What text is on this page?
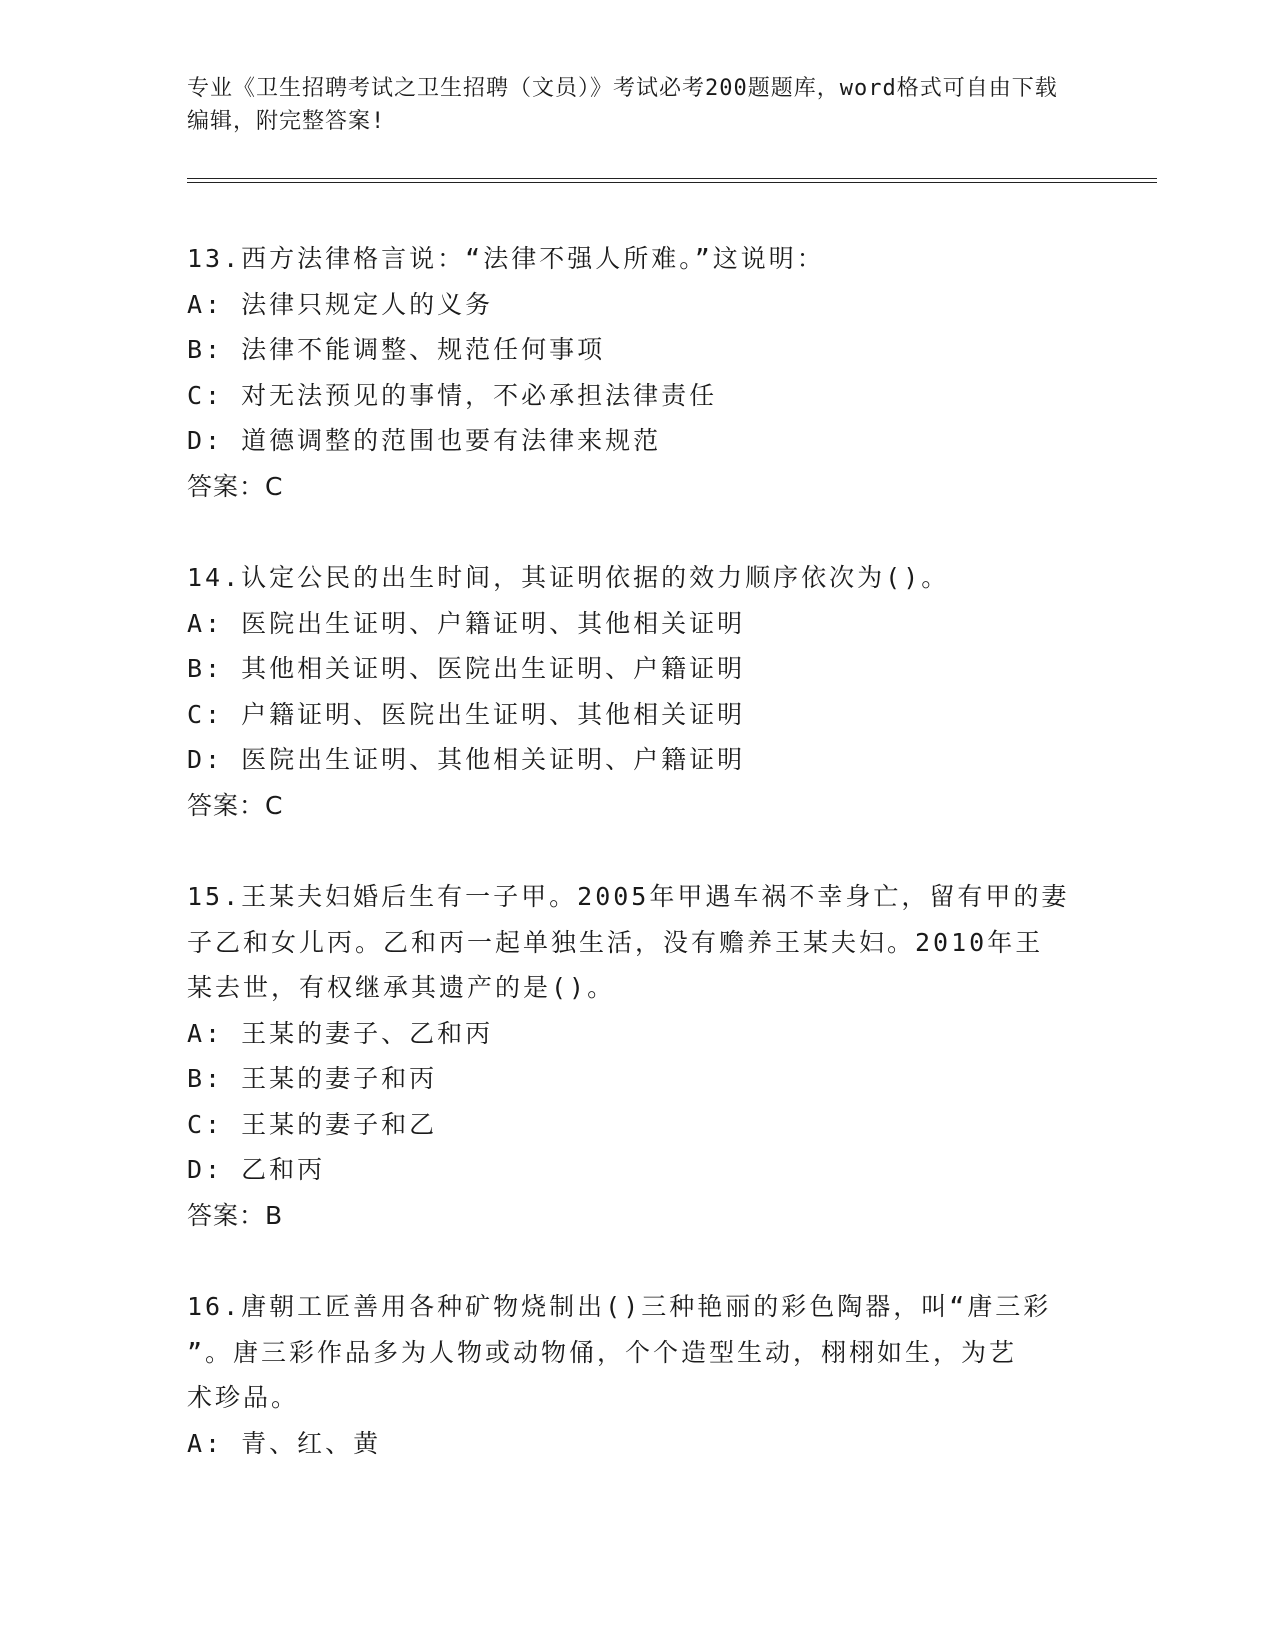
专业《卫生招聘考试之卫生招聘（文员）》考试必考200题题库，word格式可自由下载编辑，附完整答案!
13.西方法律格言说：“法律不强人所难。”这说明：
A: 法律只规定人的义务
B: 法律不能调整、规范任何事项
C: 对无法预见的事情，不必承担法律责任
D: 道德调整的范围也要有法律来规范
答案：C
14.认定公民的出生时间，其证明依据的效力顺序依次为()。
A: 医院出生证明、户籍证明、其他相关证明
B: 其他相关证明、医院出生证明、户籍证明
C: 户籍证明、医院出生证明、其他相关证明
D: 医院出生证明、其他相关证明、户籍证明
答案：C
15.王某夫妇婚后生有一子甲。2005年甲遇车祸不幸身亡，留有甲的妻
子乙和女儿丙。乙和丙一起单独生活，没有赡养王某夫妇。2010年王
某去世，有权继承其遗产的是()。
A: 王某的妻子、乙和丙
B: 王某的妻子和丙
C: 王某的妻子和乙
D: 乙和丙
答案：B
16.唐朝工匠善用各种矿物烧制出()三种艳丽的彩色陶器，叫“唐三彩
”。唐三彩作品多为人物或动物俑，个个造型生动，栩栩如生，为艺
术珍品。
A: 青、红、黄
